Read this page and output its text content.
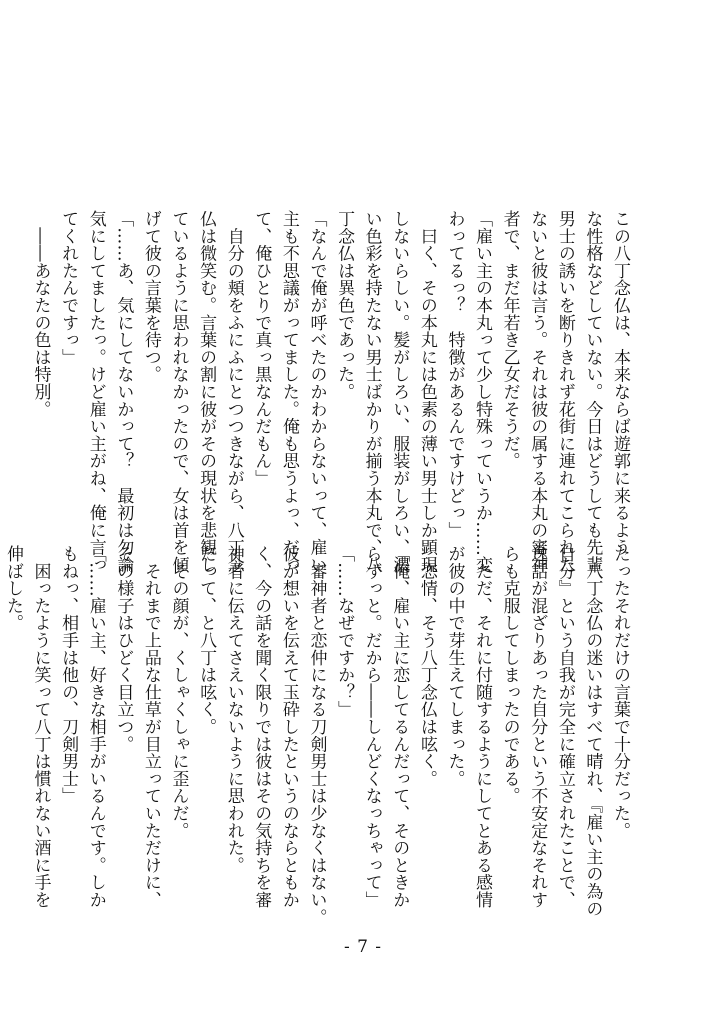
この八丁念仏は、本来ならば遊郭に来るよう
な性格などしていない。今日はどうしても先輩
男士の誘いを断りきれず花街に連れてこられた
ないと彼は言う。それは彼の属する本丸の審神
者で、まだ年若き乙女だそうだ。
「雇い主の本丸って少し特殊っていうか……変
わってるっ？　特徴があるんですけどっ」
　曰く、その本丸には色素の薄い男士しか顕現
しないらしい。髪がしろい、服装がしろい、濃
い色彩を持たない男士ばかりが揃う本丸で、八
丁念仏は異色であった。
「なんで俺が呼べたのかわからないって、雇い
主も不思議がってました。俺も思うよっ、だっ
て、俺ひとりで真っ黒なんだもん」
　自分の頬をふにふにとつつきながら、八丁念
仏は微笑む。言葉の割に彼がその現状を悲観し
ているように思われなかったので、女は首を傾
げて彼の言葉を待つ。
「……あ、気にしてないかって？　最初は勿論
気にしてましたっ。けど雇い主がね、俺に言っ
てくれたんですっ」
　――あなたの色は特別。
たったそれだけの言葉で十分だった。
　八丁念仏の迷いはすべて晴れ、『雇い主の為の
自分』という自我が完全に確立されたことで、
逸話が混ざりあった自分という不安定なそれす
らも克服してしまったのである。
　ただ、それに付随するようにしてとある感情
が彼の中で芽生えてしまった。
　恋情、そう八丁念仏は呟く。
「俺、雇い主に恋してるんだって、そのときか
らずっと。だから――しんどくなっちゃって」
「……なぜですか？」
　審神者と恋仲になる刀剣男士は少なくはない。
彼が想いを伝えて玉砕したというのならともか
く、今の話を聞く限りでは彼はその気持ちを審
神者に伝えてさえいないように思われた。
だって、と八丁は呟く。
　その顔が、くしゃくしゃに歪んだ。
　それまで上品な仕草が目立っていただけに、
その様子はひどく目立つ。
「……雇い主、好きな相手がいるんです。しか
もねっ、相手は他の、刀剣男士」
　困ったように笑って八丁は慣れない酒に手を
伸ばした。
- 7 -
